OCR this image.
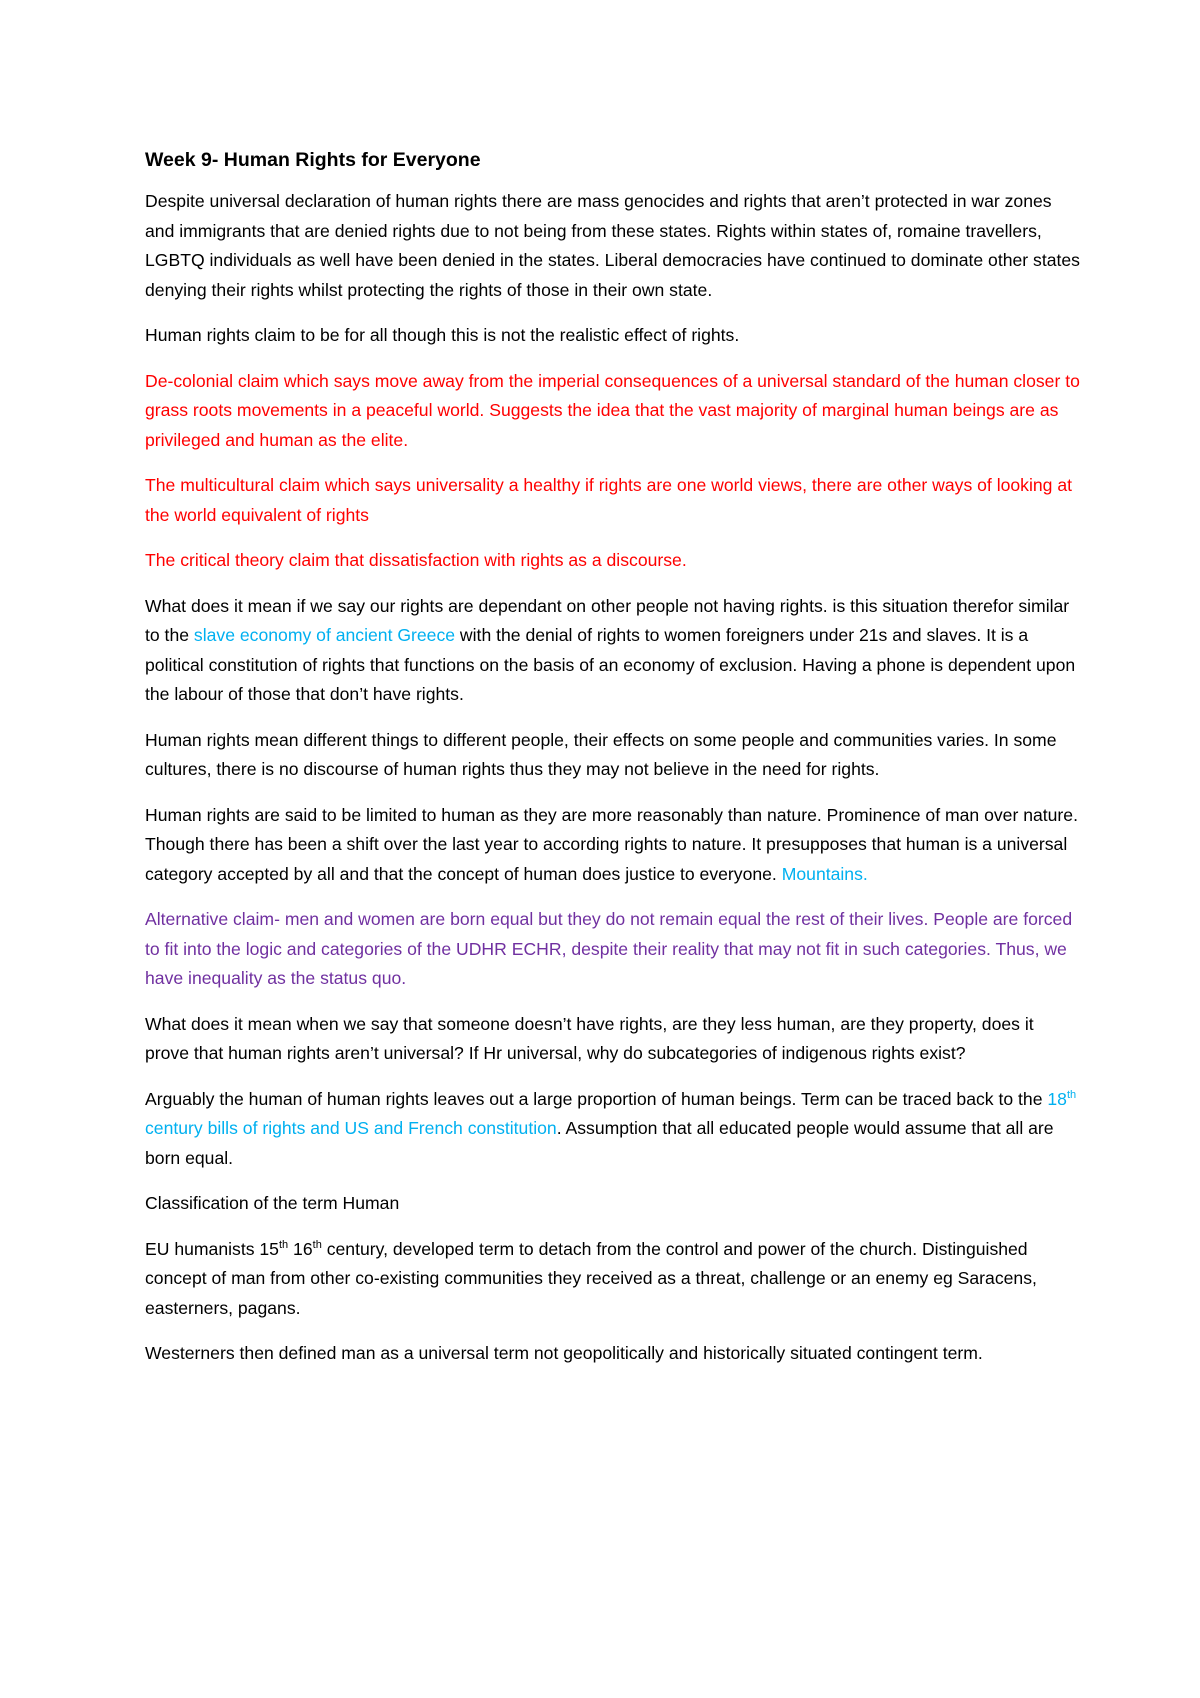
Week 9- Human Rights for Everyone

Despite universal declaration of human rights there are mass genocides and rights that aren’t protected in war zones and immigrants that are denied rights due to not being from these states. Rights within states of, romaine travellers, LGBTQ individuals as well have been denied in the states. Liberal democracies have continued to dominate other states denying their rights whilst protecting the rights of those in their own state.

Human rights claim to be for all though this is not the realistic effect of rights.

De-colonial claim which says move away from the imperial consequences of a universal standard of the human closer to grass roots movements in a peaceful world. Suggests the idea that the vast majority of marginal human beings are as privileged and human as the elite.

The multicultural claim which says universality a healthy if rights are one world views, there are other ways of looking at the world equivalent of rights

The critical theory claim that dissatisfaction with rights as a discourse.

What does it mean if we say our rights are dependant on other people not having rights. is this situation therefor similar to the slave economy of ancient Greece with the denial of rights to women foreigners under 21s and slaves. It is a political constitution of rights that functions on the basis of an economy of exclusion. Having a phone is dependent upon the labour of those that don’t have rights.

Human rights mean different things to different people, their effects on some people and communities varies. In some cultures, there is no discourse of human rights thus they may not believe in the need for rights.

Human rights are said to be limited to human as they are more reasonably than nature. Prominence of man over nature. Though there has been a shift over the last year to according rights to nature. It presupposes that human is a universal category accepted by all and that the concept of human does justice to everyone. Mountains.

Alternative claim- men and women are born equal but they do not remain equal the rest of their lives. People are forced to fit into the logic and categories of the UDHR ECHR, despite their reality that may not fit in such categories. Thus, we have inequality as the status quo.

What does it mean when we say that someone doesn’t have rights, are they less human, are they property, does it prove that human rights aren’t universal? If Hr universal, why do subcategories of indigenous rights exist?

Arguably the human of human rights leaves out a large proportion of human beings. Term can be traced back to the 18th century bills of rights and US and French constitution. Assumption that all educated people would assume that all are born equal.

Classification of the term Human

EU humanists 15th 16th century, developed term to detach from the control and power of the church. Distinguished concept of man from other co-existing communities they received as a threat, challenge or an enemy eg Saracens, easterners, pagans.

Westerners then defined man as a universal term not geopolitically and historically situated contingent term.
